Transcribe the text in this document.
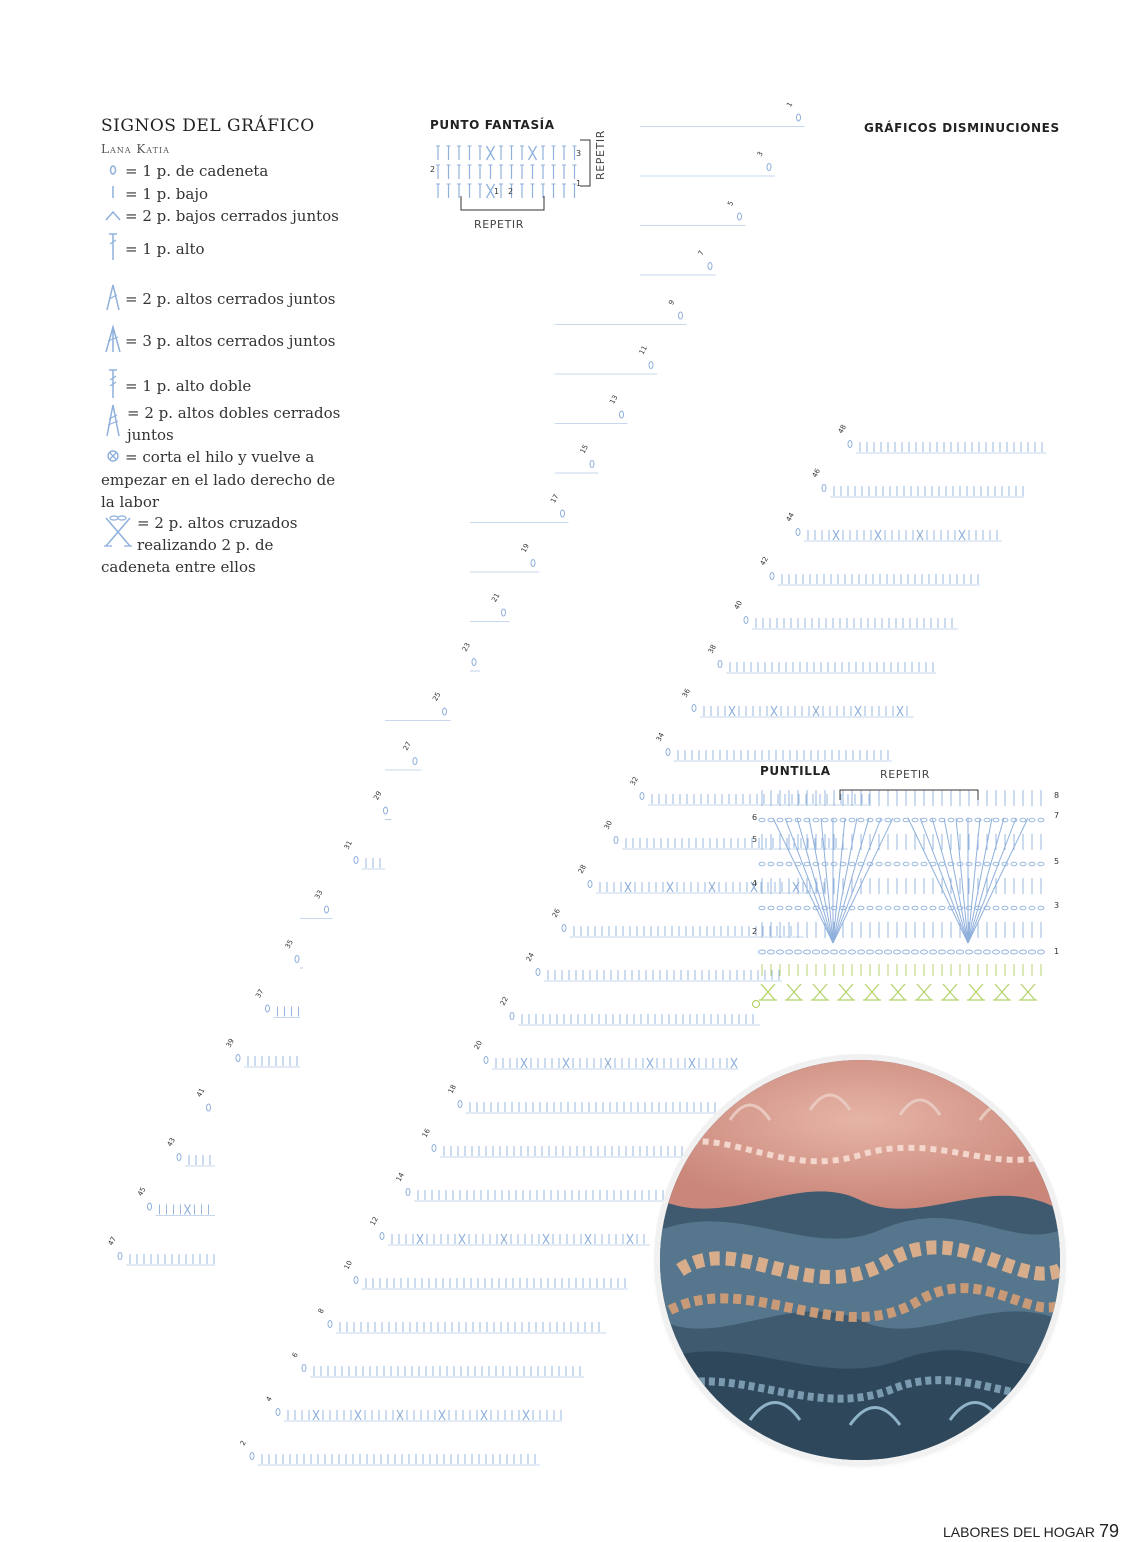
SIGNOS DEL GRÁFICO
Lana Katia
= 1 p. de cadeneta
= 1 p. bajo
= 2 p. bajos cerrados juntos
= 1 p. alto
= 2 p. altos cerrados juntos
= 3 p. altos cerrados juntos
= 1 p. alto doble
= 2 p. altos dobles cerrados juntos
= corta el hilo y vuelve a empezar en el lado derecho de la labor
= 2 p. altos cruzados realizando 2 p. de cadeneta entre ellos
PUNTO FANTASÍA
3
1
2
1 2
REPETIR
REPETIR
GRÁFICOS DISMINUCIONES
47
45
43
41
39
37
35
33
31
29
27
25
23
21
19
17
15
13
11
9
7
5
3
1
2
4
6
8
10
12
14
16
18
20
22
24
26
28
30
32
34
36
38
40
42
44
46
48
PUNTILLA	REPETIR
8
7
5
3
1
6
5
4
2
LABORES DEL HOGAR 79
